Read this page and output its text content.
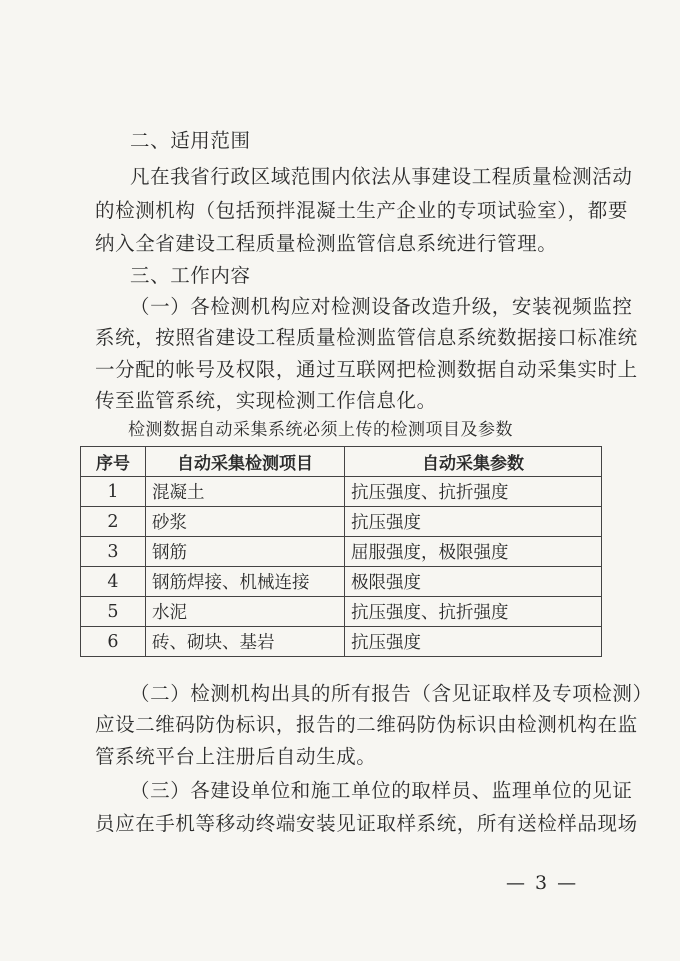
二、适用范围
凡在我省行政区域范围内依法从事建设工程质量检测活动
的检测机构（包括预拌混凝土生产企业的专项试验室），都要
纳入全省建设工程质量检测监管信息系统进行管理。
三、工作内容
（一）各检测机构应对检测设备改造升级，安装视频监控
系统，按照省建设工程质量检测监管信息系统数据接口标准统
一分配的帐号及权限，通过互联网把检测数据自动采集实时上
传至监管系统，实现检测工作信息化。
检测数据自动采集系统必须上传的检测项目及参数
序号	自动采集检测项目	自动采集参数
1	混凝土	抗压强度、抗折强度
2	砂浆	抗压强度
3	钢筋	屈服强度，极限强度
4	钢筋焊接、机械连接	极限强度
5	水泥	抗压强度、抗折强度
6	砖、砌块、基岩	抗压强度
（二）检测机构出具的所有报告（含见证取样及专项检测）
应设二维码防伪标识，报告的二维码防伪标识由检测机构在监
管系统平台上注册后自动生成。
（三）各建设单位和施工单位的取样员、监理单位的见证
员应在手机等移动终端安装见证取样系统，所有送检样品现场
— 3 —
